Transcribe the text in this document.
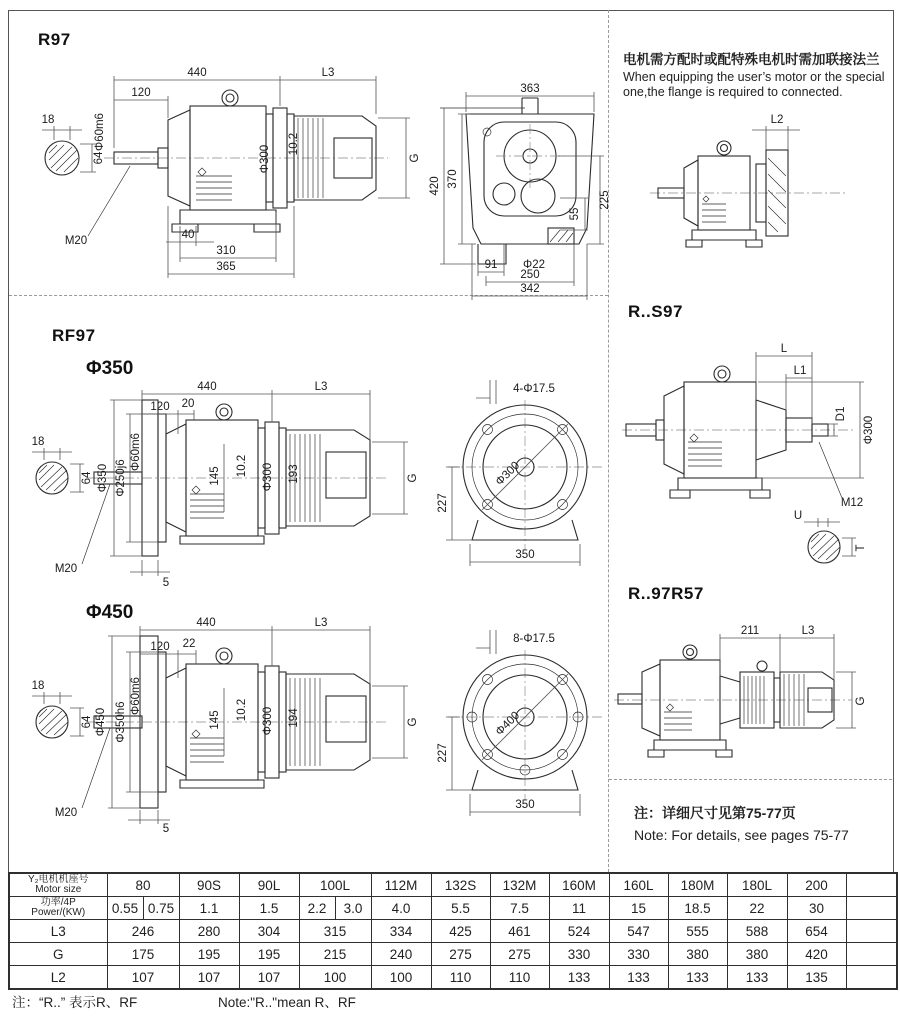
R97
18
64
440	L3
120
Φ60m6
M20
Φ300
10.2
G
40
310
365
363
420 370
55
225
91 Φ22
250
342
电机需方配时或配特殊电机时需加联接法兰
When equipping the user’s motor or the special
one,the flange is required to connected.
L2
RF97
Φ350
18
64
440	L3
120 20
Φ350 Φ250j6
Φ60m6
145 10.2 Φ300 193	G
M20
5
Φ300
4-Φ17.5
227
350
R..S97
L
L1
D1
Φ300
M12
U
T
Φ450
18
64
440	L3
120 22
Φ450 Φ350h6
Φ60m6
145 10.2 Φ300 194	G
M20
5
Φ400
8-Φ17.5
227
350
R..97R57
211	L3
G
注：详细尺寸见第75-77页
Note: For details, see pages 75-77
Y₂电机机座号
Motor size	80		90S	90L	100L		112M	132S	132M	160M	160L	180M	180L	200	

功率/4P
Power/(KW)	0.55	0.75	1.1	1.5	2.2	3.0	4.0	5.5	7.5	11	15	18.5	22	30	
L3	246		280	304	315		334	425	461	524	547	555	588	654	
G	175		195	195	215		240	275	275	330	330	380	380	420	
L2	107		107	107	100		100	110	110	133	133	133	133	135	
注：“R..” 表示R、RF	Note:"R.."mean R、RF
